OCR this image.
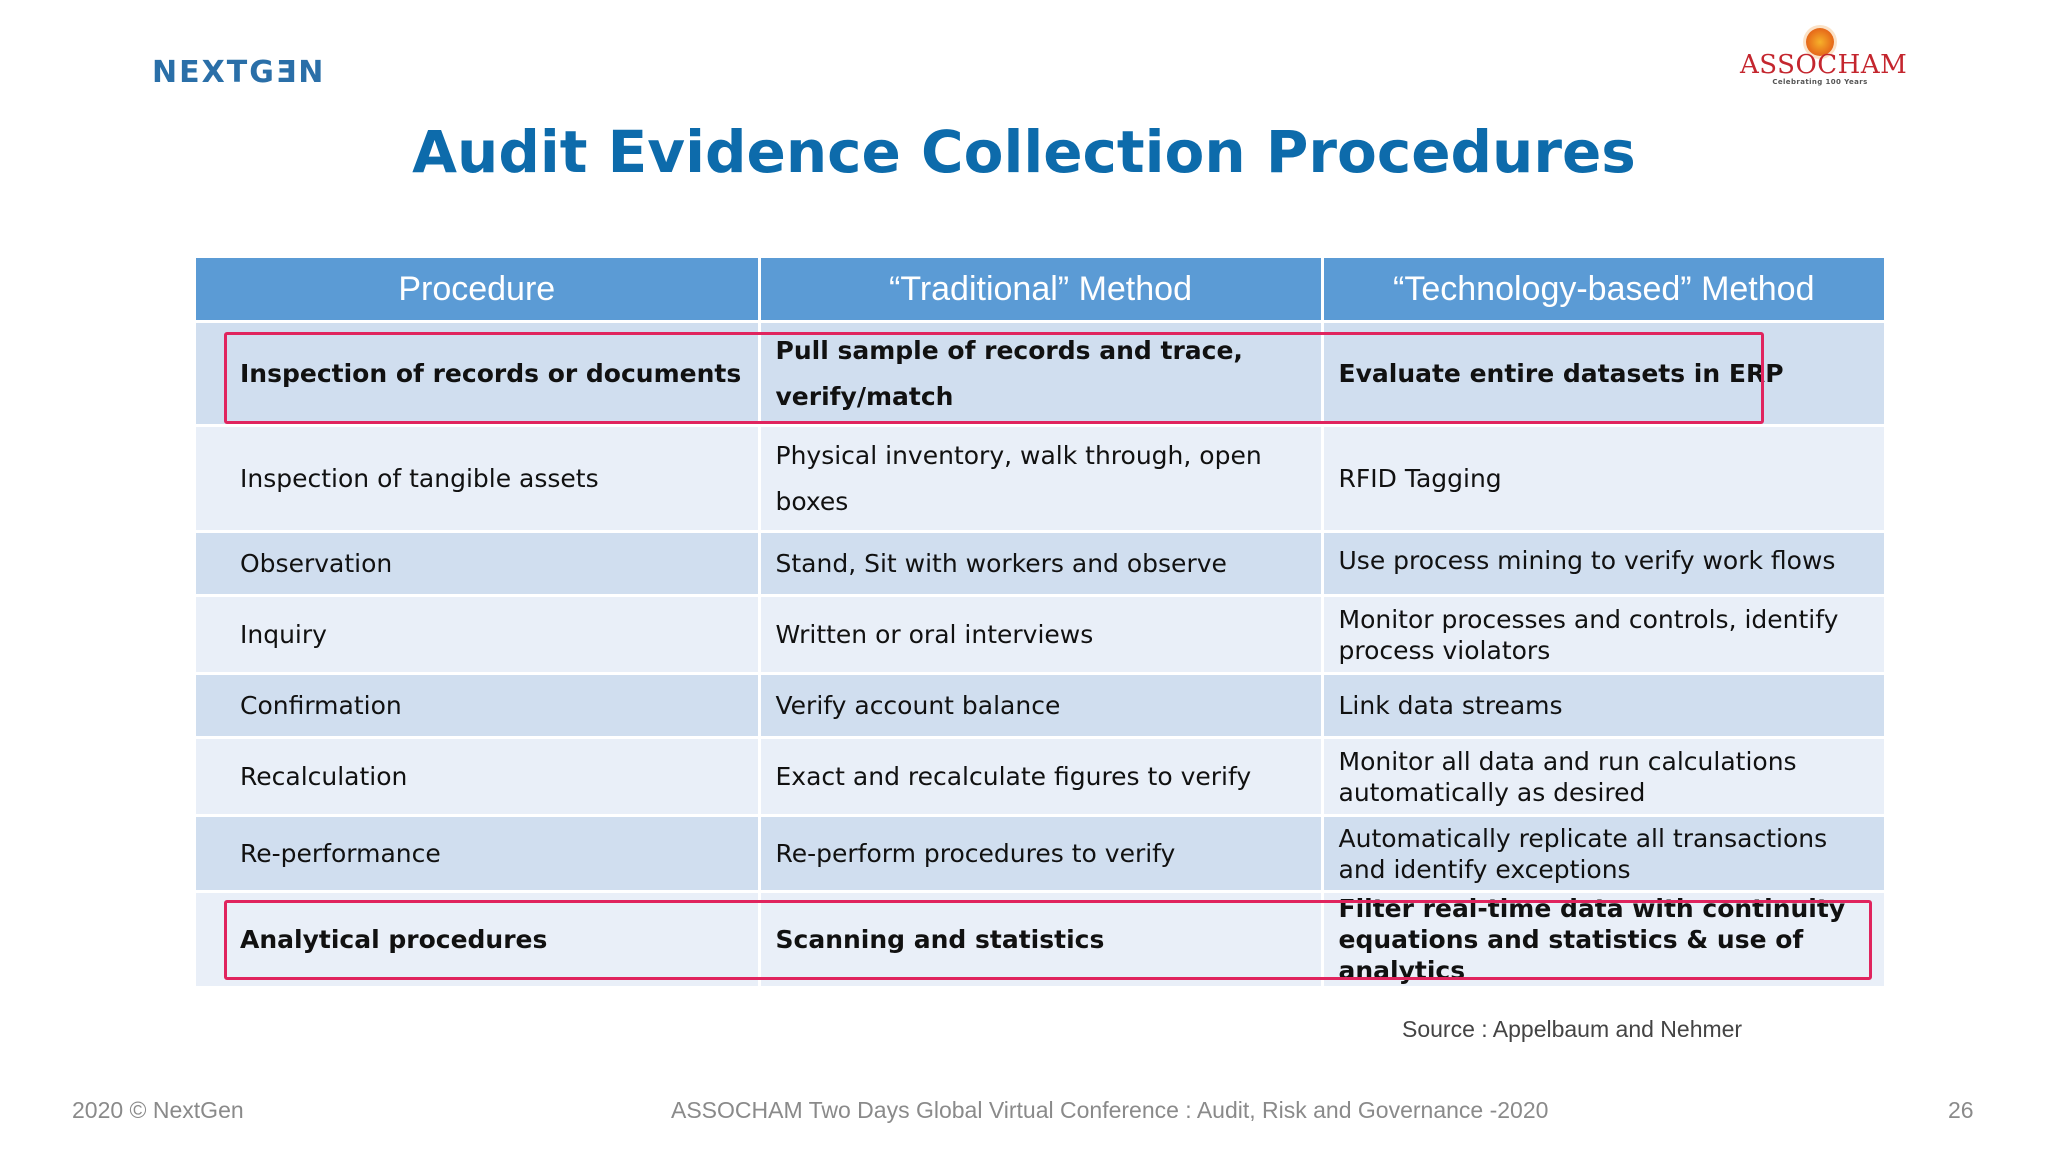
NEXTGƎN	ASSOCHAM
Celebrating 100 Years
Audit Evidence Collection Procedures
Procedure	“Traditional” Method	“Technology-based” Method
Inspection of records or documents	Pull sample of records and trace, verify/match	Evaluate entire datasets in ERP
Inspection of tangible assets	Physical inventory, walk through, open boxes	RFID Tagging
Observation	Stand, Sit with workers and observe	Use process mining to verify work flows
Inquiry	Written or oral interviews	Monitor processes and controls, identify process violators
Confirmation	Verify account balance	Link data streams
Recalculation	Exact and recalculate figures to verify	Monitor all data and run calculations automatically as desired
Re-performance	Re-perform procedures to verify	Automatically replicate all transactions and identify exceptions
Analytical procedures	Scanning and statistics	Filter real-time data with continuity equations and statistics & use of analytics
Source : Appelbaum and Nehmer
2020 © NextGen	ASSOCHAM Two Days Global Virtual Conference : Audit, Risk and Governance -2020	26
